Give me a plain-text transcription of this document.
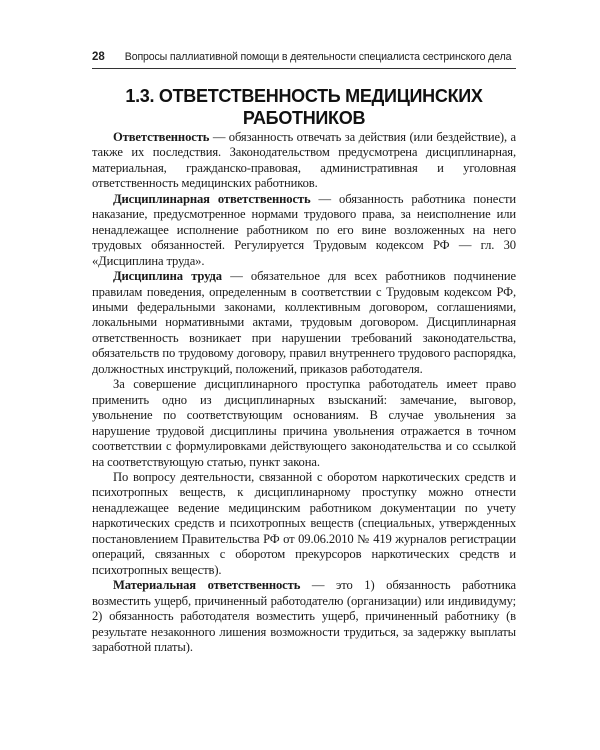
28 Вопросы паллиативной помощи в деятельности специалиста сестринского дела
1.3. ОТВЕТСТВЕННОСТЬ МЕДИЦИНСКИХ
РАБОТНИКОВ

Ответственность — обязанность отвечать за действия (или бездействие), а также их последствия. Законодательством предусмотрена дисциплинарная, материальная, гражданско-правовая, административная и уголовная ответственность медицинских работников.

Дисциплинарная ответственность — обязанность работника понести наказание, предусмотренное нормами трудового права, за неисполнение или ненадлежащее исполнение работником по его вине возложенных на него трудовых обязанностей. Регулируется Трудовым кодексом РФ — гл. 30 «Дисциплина труда».

Дисциплина труда — обязательное для всех работников подчинение правилам поведения, определенным в соответствии с Трудовым кодексом РФ, иными федеральными законами, коллективным договором, соглашениями, локальными нормативными актами, трудовым договором. Дисциплинарная ответственность возникает при нарушении требований законодательства, обязательств по трудовому договору, правил внутреннего трудового распорядка, должностных инструкций, положений, приказов работодателя.

За совершение дисциплинарного проступка работодатель имеет право применить одно из дисциплинарных взысканий: замечание, выговор, увольнение по соответствующим основаниям. В случае увольнения за нарушение трудовой дисциплины причина увольнения отражается в точном соответствии с формулировками действующего законодательства и со ссылкой на соответствующую статью, пункт закона.

По вопросу деятельности, связанной с оборотом наркотических средств и психотропных веществ, к дисциплинарному проступку можно отнести ненадлежащее ведение медицинским работником документации по учету наркотических средств и психотропных веществ (специальных, утвержденных постановлением Правительства РФ от 09.06.2010 № 419 журналов регистрации операций, связанных с оборотом прекурсоров наркотических средств и психотропных веществ).

Материальная ответственность — это 1) обязанность работника возместить ущерб, причиненный работодателю (организации) или индивидуму; 2) обязанность работодателя возместить ущерб, причиненный работнику (в результате незаконного лишения возможности трудиться, за задержку выплаты заработной платы).
